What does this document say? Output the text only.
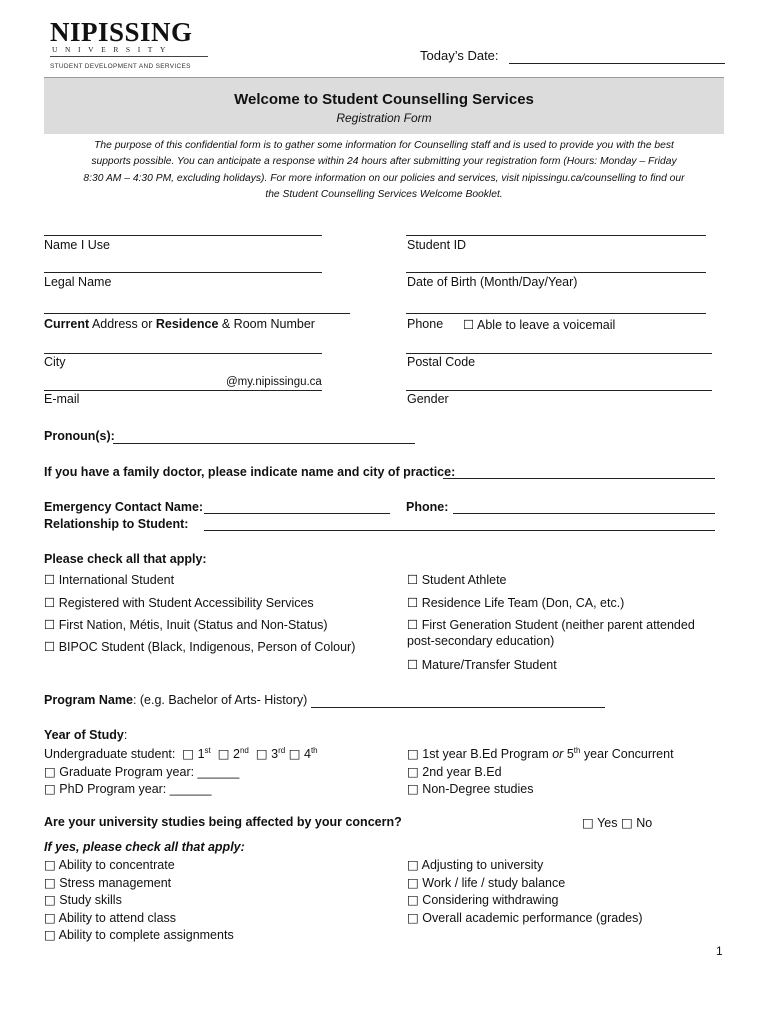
NIPISSING
UNIVERSITY
STUDENT DEVELOPMENT AND SERVICES
Today’s Date:
Welcome to Student Counselling Services
Registration Form
The purpose of this confidential form is to gather some information for Counselling staff and is used to provide you with the best
supports possible. You can anticipate a response within 24 hours after submitting your registration form (Hours: Monday – Friday
8:30 AM – 4:30 PM, excluding holidays). For more information on our policies and services, visit nipissingu.ca/counselling to find our
the Student Counselling Services Welcome Booklet.
Name I Use	Student ID
Legal Name	Date of Birth (Month/Day/Year)
Current Address or Residence & Room Number	Phone ☐ Able to leave a voicemail
City	Postal Code
@my.nipissingu.ca
E-mail	Gender
Pronoun(s):
If you have a family doctor, please indicate name and city of practice:
Emergency Contact Name:	Phone:
Relationship to Student:
Please check all that apply:
☐ International Student
☐ Registered with Student Accessibility Services
☐ First Nation, Métis, Inuit (Status and Non-Status)
☐ BIPOC Student (Black, Indigenous, Person of Colour)
☐ Student Athlete
☐ Residence Life Team (Don, CA, etc.)
☐ First Generation Student (neither parent attended
post-secondary education)
☐ Mature/Transfer Student
Program Name: (e.g. Bachelor of Arts- History)
Year of Study:
Undergraduate student: □ 1st □ 2nd □ 3rd □ 4th
□ Graduate Program year: ______
□ PhD Program year: ______
□ 1st year B.Ed Program or 5th year Concurrent
□ 2nd year B.Ed
□ Non-Degree studies
Are your university studies being affected by your concern?	□ Yes □ No
If yes, please check all that apply:
□ Ability to concentrate
□ Stress management
□ Study skills
□ Ability to attend class
□ Ability to complete assignments
□ Adjusting to university
□ Work / life / study balance
□ Considering withdrawing
□ Overall academic performance (grades)
1
